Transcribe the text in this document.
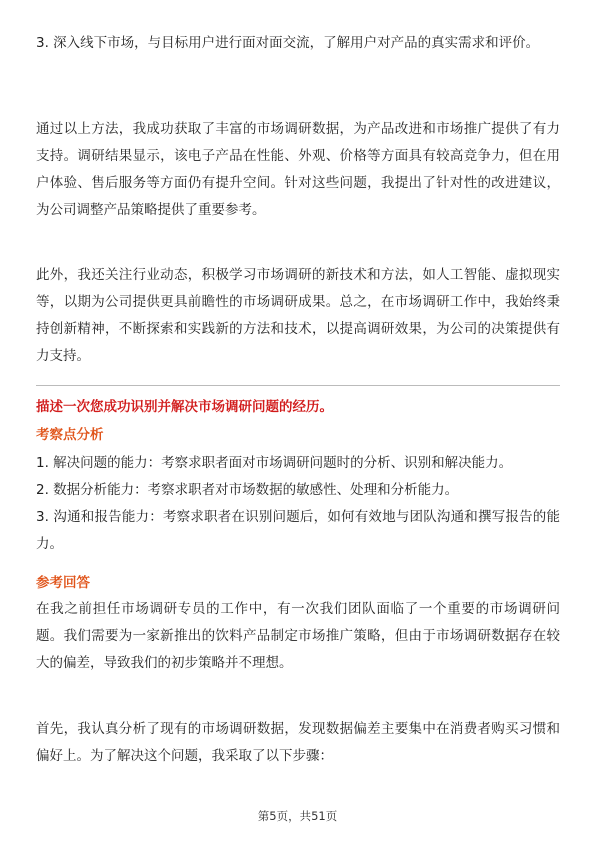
3. 深入线下市场，与目标用户进行面对面交流，了解用户对产品的真实需求和评价。

通过以上方法，我成功获取了丰富的市场调研数据，为产品改进和市场推广提供了有力支持。调研结果显示，该电子产品在性能、外观、价格等方面具有较高竞争力，但在用户体验、售后服务等方面仍有提升空间。针对这些问题，我提出了针对性的改进建议，为公司调整产品策略提供了重要参考。

此外，我还关注行业动态，积极学习市场调研的新技术和方法，如人工智能、虚拟现实等，以期为公司提供更具前瞻性的市场调研成果。总之，在市场调研工作中，我始终秉持创新精神，不断探索和实践新的方法和技术，以提高调研效果，为公司的决策提供有力支持。

描述一次您成功识别并解决市场调研问题的经历。

考察点分析

1. 解决问题的能力：考察求职者面对市场调研问题时的分析、识别和解决能力。
2. 数据分析能力：考察求职者对市场数据的敏感性、处理和分析能力。
3. 沟通和报告能力：考察求职者在识别问题后，如何有效地与团队沟通和撰写报告的能力。

参考回答

在我之前担任市场调研专员的工作中，有一次我们团队面临了一个重要的市场调研问题。我们需要为一家新推出的饮料产品制定市场推广策略，但由于市场调研数据存在较大的偏差，导致我们的初步策略并不理想。

首先，我认真分析了现有的市场调研数据，发现数据偏差主要集中在消费者购买习惯和偏好上。为了解决这个问题，我采取了以下步骤：

第5页，共51页
